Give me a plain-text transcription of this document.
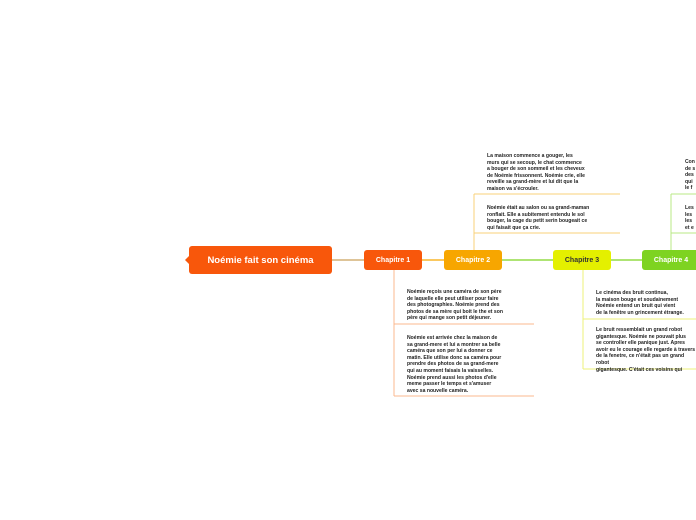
Noémie fait son cinéma	Chapitre 1	Chapitre 2	Chapitre 3	Chapitre 4

Noémie reçois une caméra de son père
de laquelle elle peut utiliser pour faire
des photographies. Noémie prend des
photos de sa mère qui boit le the et son
père qui mange son petit déjeuner.

Noémie est arrivée chez la maison de
sa grand-mere et lui a montrer sa belle
caméra que son per lui a donner ce
matin. Elle utilise donc sa caméra pour
prendre des photos de sa grand-mere
qui au moment faisais la vaisselles.
Noémie prend aussi les photos d'elle
meme passer le temps et s'amuser
avec sa nouvelle caméra.

La maison commence a gouger, les
murs qui se secoup, le chat commence
a bouger de son sommeil et les cheveux
de Noémie frissonnent. Noémie crie, elle
reveille sa grand-mère et lui dit que la
maison va s'écrouler.

Noémie était au salon ou sa grand-maman
ronflait. Elle a subitement entendu le sol
bouger, la cage du petit serin bougeait ce
qui faisait que ça crie.

Le cinéma des bruit continua,
la maison bouge et soudainement
Noémie entend un bruit qui vient
de la fenêtre un grincement étrange.

Le bruit ressemblait un grand robot
gigantesque. Noémie ne pouvait plus
se controller elle panique just. Apres
avoir eu le courage elle regarde à travers
de la fenetre, ce n'était pas un grand robot
gigantesque. C'était ces voisins qui

Con
de s
des
qui
le f

Les
les
les
et e
